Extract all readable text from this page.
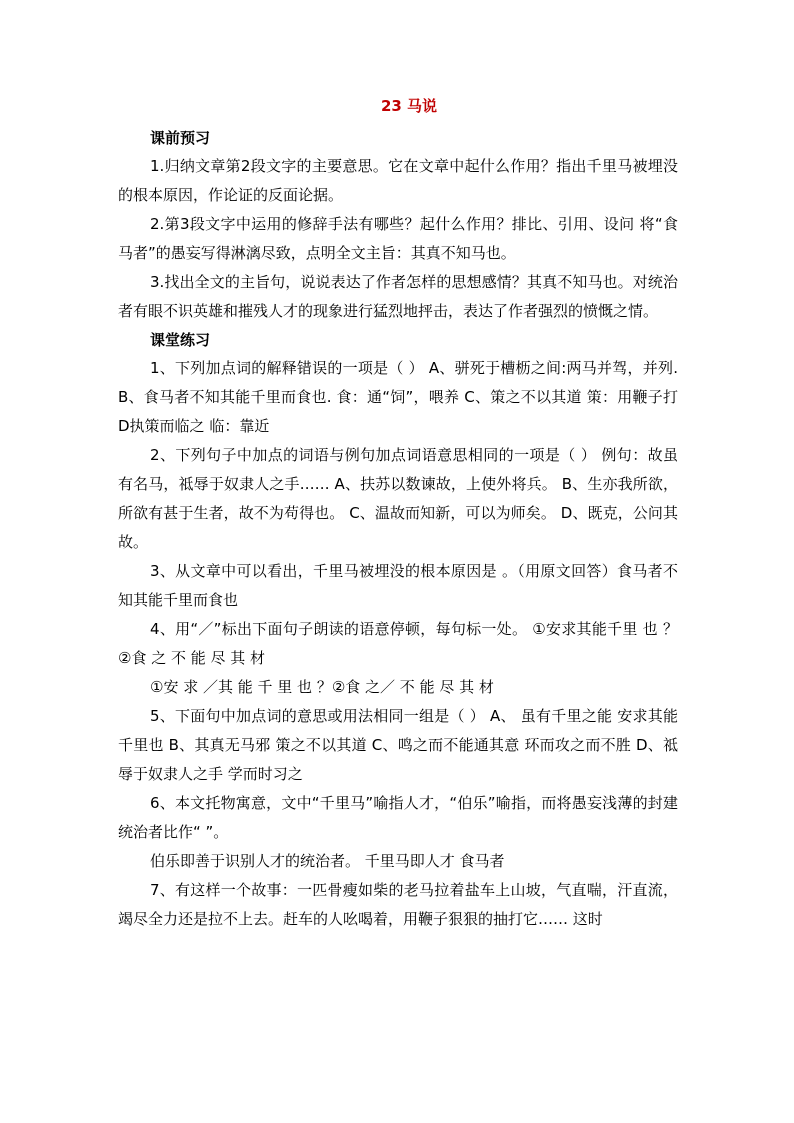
23 马说
课前预习

1.归纳文章第2段文字的主要意思。它在文章中起什么作用？指出千里马被埋没的根本原因，作论证的反面论据。

2.第3段文字中运用的修辞手法有哪些？起什么作用？排比、引用、设问 将“食马者”的愚妄写得淋漓尽致，点明全文主旨：其真不知马也。

3.找出全文的主旨句，说说表达了作者怎样的思想感情？其真不知马也。对统治者有眼不识英雄和摧残人才的现象进行猛烈地抨击，表达了作者强烈的愤慨之情。

课堂练习

1、下列加点词的解释错误的一项是（ ） A、骈死于槽枥之间:两马并驾，并列. B、食马者不知其能千里而食也. 食：通“饲”，喂养 C、策之不以其道 策：用鞭子打 D执策而临之 临：靠近

2、下列句子中加点的词语与例句加点词语意思相同的一项是（ ） 例句：故虽有名马，祗辱于奴隶人之手…… A、扶苏以数谏故，上使外将兵。 B、生亦我所欲，所欲有甚于生者，故不为苟得也。 C、温故而知新，可以为师矣。 D、既克，公问其故。

3、从文章中可以看出，千里马被埋没的根本原因是 。（用原文回答）食马者不知其能千里而食也

4、用“／”标出下面句子朗读的语意停顿，每句标一处。 ①安求其能千里 也 ？②食 之 不 能 尽 其 材

①安 求 ／其 能 千 里 也 ？②食 之／ 不 能 尽 其 材

5、下面句中加点词的意思或用法相同一组是（ ） A、 虽有千里之能 安求其能千里也 B、其真无马邪 策之不以其道 C、鸣之而不能通其意 环而攻之而不胜 D、祗辱于奴隶人之手 学而时习之

6、本文托物寓意，文中“千里马”喻指人才，“伯乐”喻指，而将愚妄浅薄的封建统治者比作“ ”。

伯乐即善于识别人才的统治者。 千里马即人才 食马者

7、有这样一个故事：一匹骨瘦如柴的老马拉着盐车上山坡，气直喘，汗直流，竭尽全力还是拉不上去。赶车的人吆喝着，用鞭子狠狠的抽打它…… 这时
